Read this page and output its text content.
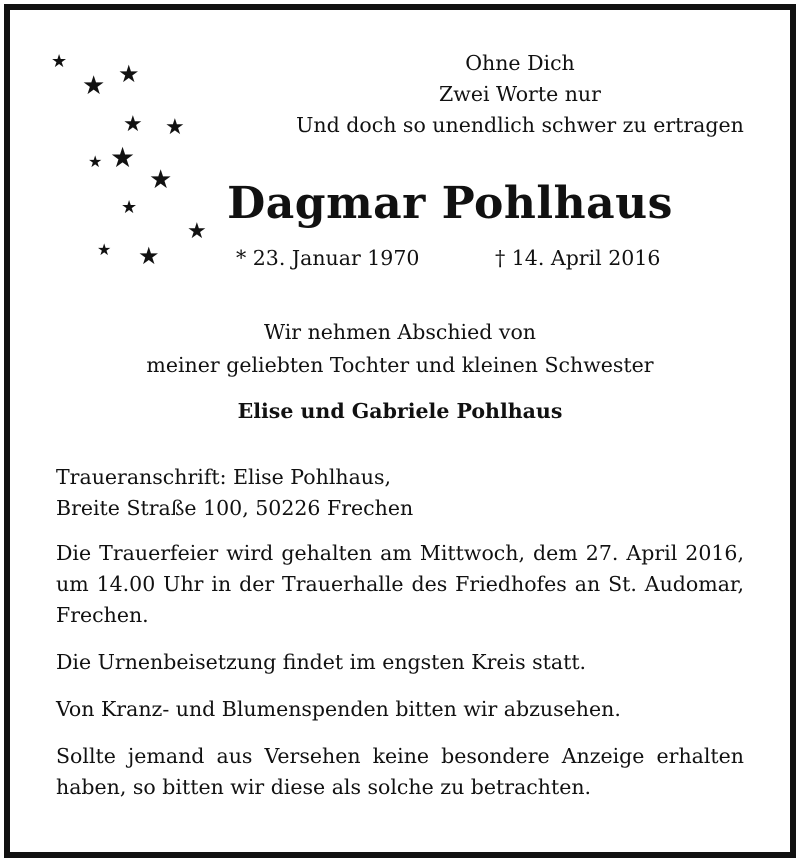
★
★ ★
★ ★
★ ★
★
★
★
★ ★
Ohne Dich
Zwei Worte nur
Und doch so unendlich schwer zu ertragen
Dagmar Pohlhaus
* 23. Januar 1970	† 14. April 2016
Wir nehmen Abschied von
meiner geliebten Tochter und kleinen Schwester
Elise und Gabriele Pohlhaus

Traueranschrift: Elise Pohlhaus,

Breite Straße 100, 50226 Frechen

Die Trauerfeier wird gehalten am Mittwoch, dem 27. April 2016, um 14.00 Uhr in der Trauerhalle des Friedhofes an St. Audomar, Frechen.

Die Urnenbeisetzung findet im engsten Kreis statt.

Von Kranz- und Blumenspenden bitten wir abzusehen.

Sollte jemand aus Versehen keine besondere Anzeige erhalten haben, so bitten wir diese als solche zu betrachten.
